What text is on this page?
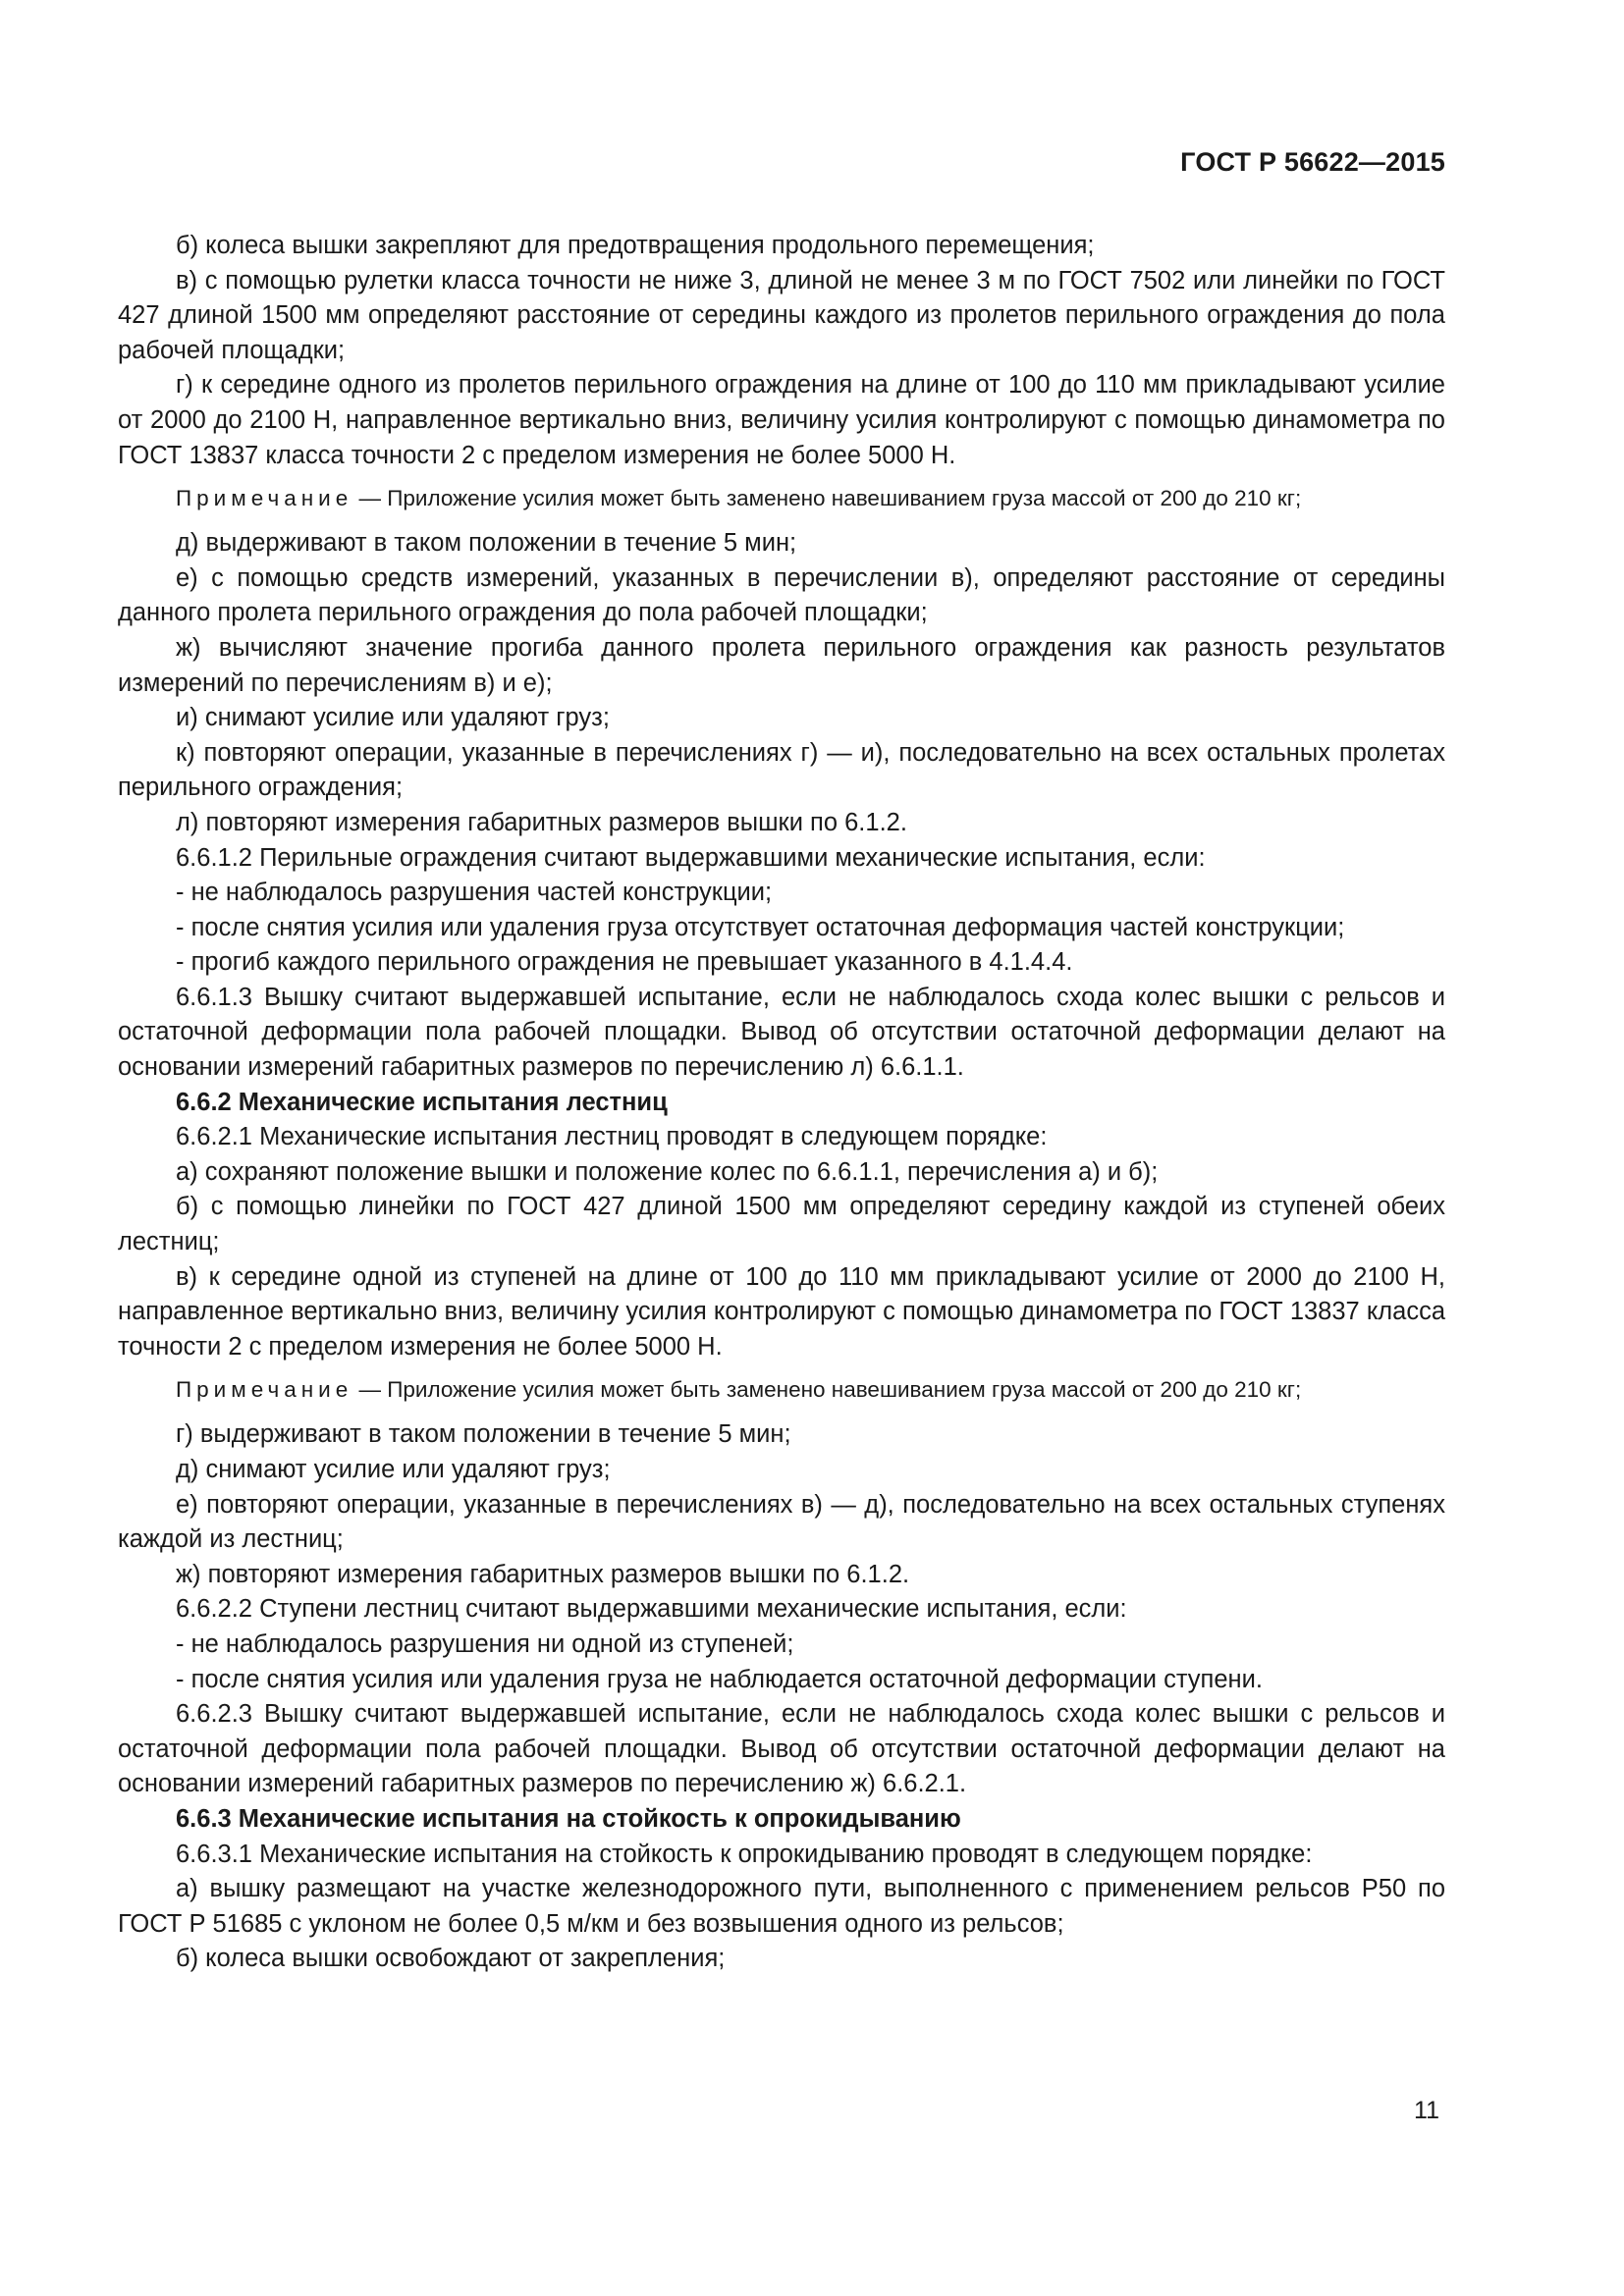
ГОСТ Р 56622—2015

б) колеса вышки закрепляют для предотвращения продольного перемещения;

в) с помощью рулетки класса точности не ниже 3, длиной не менее 3 м по ГОСТ 7502 или линейки по ГОСТ 427 длиной 1500 мм определяют расстояние от середины каждого из пролетов перильного ограждения до пола рабочей площадки;

г) к середине одного из пролетов перильного ограждения на длине от 100 до 110 мм прикладывают усилие от 2000 до 2100 Н, направленное вертикально вниз, величину усилия контролируют с помощью динамометра по ГОСТ 13837 класса точности 2 с пределом измерения не более 5000 Н.

Примечание — Приложение усилия может быть заменено навешиванием груза массой от 200 до 210 кг;

д) выдерживают в таком положении в течение 5 мин;

е) с помощью средств измерений, указанных в перечислении в), определяют расстояние от середины данного пролета перильного ограждения до пола рабочей площадки;

ж) вычисляют значение прогиба данного пролета перильного ограждения как разность результатов измерений по перечислениям в) и е);

и) снимают усилие или удаляют груз;

к) повторяют операции, указанные в перечислениях г) — и), последовательно на всех остальных пролетах перильного ограждения;

л) повторяют измерения габаритных размеров вышки по 6.1.2.

6.6.1.2 Перильные ограждения считают выдержавшими механические испытания, если:

- не наблюдалось разрушения частей конструкции;

- после снятия усилия или удаления груза отсутствует остаточная деформация частей конструкции;

- прогиб каждого перильного ограждения не превышает указанного в 4.1.4.4.

6.6.1.3 Вышку считают выдержавшей испытание, если не наблюдалось схода колес вышки с рельсов и остаточной деформации пола рабочей площадки. Вывод об отсутствии остаточной деформации делают на основании измерений габаритных размеров по перечислению л) 6.6.1.1.

6.6.2 Механические испытания лестниц

6.6.2.1 Механические испытания лестниц проводят в следующем порядке:

а) сохраняют положение вышки и положение колес по 6.6.1.1, перечисления а) и б);

б) с помощью линейки по ГОСТ 427 длиной 1500 мм определяют середину каждой из ступеней обеих лестниц;

в) к середине одной из ступеней на длине от 100 до 110 мм прикладывают усилие от 2000 до 2100 Н, направленное вертикально вниз, величину усилия контролируют с помощью динамометра по ГОСТ 13837 класса точности 2 с пределом измерения не более 5000 Н.

Примечание — Приложение усилия может быть заменено навешиванием груза массой от 200 до 210 кг;

г) выдерживают в таком положении в течение 5 мин;

д) снимают усилие или удаляют груз;

е) повторяют операции, указанные в перечислениях в) — д), последовательно на всех остальных ступенях каждой из лестниц;

ж) повторяют измерения габаритных размеров вышки по 6.1.2.

6.6.2.2 Ступени лестниц считают выдержавшими механические испытания, если:

- не наблюдалось разрушения ни одной из ступеней;

- после снятия усилия или удаления груза не наблюдается остаточной деформации ступени.

6.6.2.3 Вышку считают выдержавшей испытание, если не наблюдалось схода колес вышки с рельсов и остаточной деформации пола рабочей площадки. Вывод об отсутствии остаточной деформации делают на основании измерений габаритных размеров по перечислению ж) 6.6.2.1.

6.6.3 Механические испытания на стойкость к опрокидыванию

6.6.3.1 Механические испытания на стойкость к опрокидыванию проводят в следующем порядке:

а) вышку размещают на участке железнодорожного пути, выполненного с применением рельсов Р50 по ГОСТ Р 51685 с уклоном не более 0,5 м/км и без возвышения одного из рельсов;

б) колеса вышки освобождают от закрепления;

11
